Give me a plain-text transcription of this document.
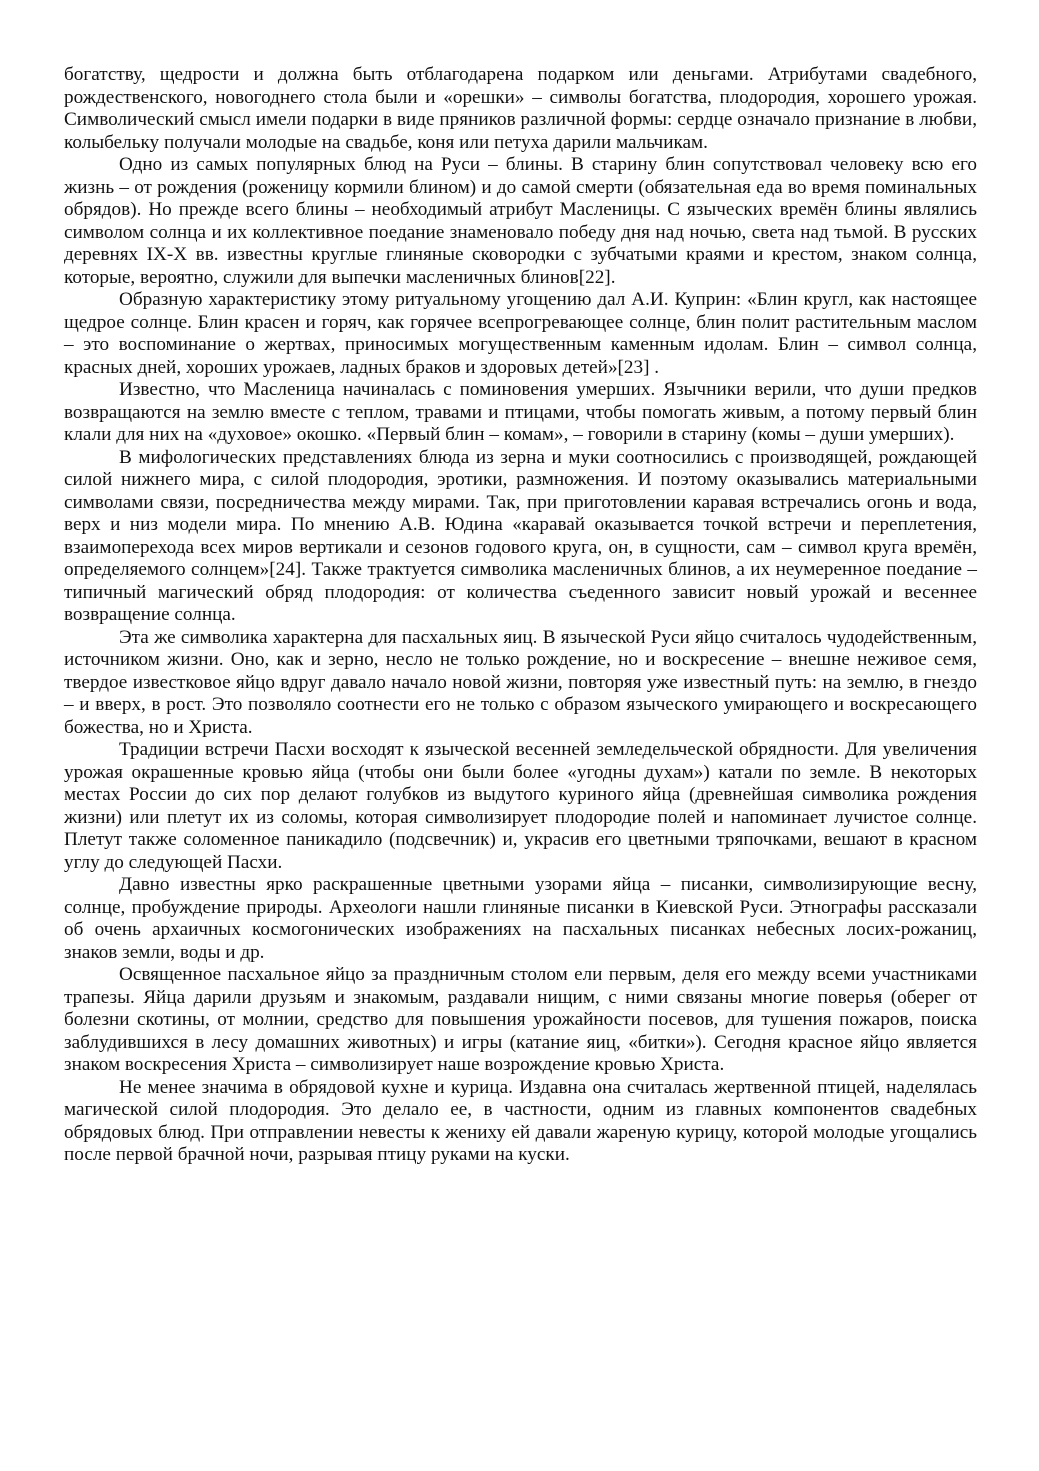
богатству, щедрости и должна быть отблагодарена подарком или деньгами. Атрибутами свадебного, рождественского, новогоднего стола были и «орешки» – символы богатства, плодородия, хорошего урожая. Символический смысл имели подарки в виде пряников различной формы: сердце означало признание в любви, колыбельку получали молодые на свадьбе, коня или петуха дарили мальчикам.

Одно из самых популярных блюд на Руси – блины. В старину блин сопутствовал человеку всю его жизнь – от рождения (роженицу кормили блином) и до самой смерти (обязательная еда во время поминальных обрядов). Но прежде всего блины – необходимый атрибут Масленицы. С языческих времён блины являлись символом солнца и их коллективное поедание знаменовало победу дня над ночью, света над тьмой. В русских деревнях IX-X вв. известны круглые глиняные сковородки с зубчатыми краями и крестом, знаком солнца, которые, вероятно, служили для выпечки масленичных блинов[22].

Образную характеристику этому ритуальному угощению дал А.И. Куприн: «Блин кругл, как настоящее щедрое солнце. Блин красен и горяч, как горячее всепрогревающее солнце, блин полит растительным маслом – это воспоминание о жертвах, приносимых могущественным каменным идолам. Блин – символ солнца, красных дней, хороших урожаев, ладных браков и здоровых детей»[23] .

Известно, что Масленица начиналась с поминовения умерших. Язычники верили, что души предков возвращаются на землю вместе с теплом, травами и птицами, чтобы помогать живым, а потому первый блин клали для них на «духовое» окошко. «Первый блин – комам», – говорили в старину (комы – души умерших).

В мифологических представлениях блюда из зерна и муки соотносились с производящей, рождающей силой нижнего мира, с силой плодородия, эротики, размножения. И поэтому оказывались материальными символами связи, посредничества между мирами. Так, при приготовлении каравая встречались огонь и вода, верх и низ модели мира. По мнению А.В. Юдина «каравай оказывается точкой встречи и переплетения, взаимоперехода всех миров вертикали и сезонов годового круга, он, в сущности, сам – символ круга времён, определяемого солнцем»[24]. Также трактуется символика масленичных блинов, а их неумеренное поедание – типичный магический обряд плодородия: от количества съеденного зависит новый урожай и весеннее возвращение солнца.

Эта же символика характерна для пасхальных яиц. В языческой Руси яйцо считалось чудодейственным, источником жизни. Оно, как и зерно, несло не только рождение, но и воскресение – внешне неживое семя, твердое известковое яйцо вдруг давало начало новой жизни, повторяя уже известный путь: на землю, в гнездо – и вверх, в рост. Это позволяло соотнести его не только с образом языческого умирающего и воскресающего божества, но и Христа.

Традиции встречи Пасхи восходят к языческой весенней земледельческой обрядности. Для увеличения урожая окрашенные кровью яйца (чтобы они были более «угодны духам») катали по земле. В некоторых местах России до сих пор делают голубков из выдутого куриного яйца (древнейшая символика рождения жизни) или плетут их из соломы, которая символизирует плодородие полей и напоминает лучистое солнце. Плетут также соломенное паникадило (подсвечник) и, украсив его цветными тряпочками, вешают в красном углу до следующей Пасхи.

Давно известны ярко раскрашенные цветными узорами яйца – писанки, символизирующие весну, солнце, пробуждение природы. Археологи нашли глиняные писанки в Киевской Руси. Этнографы рассказали об очень архаичных космогонических изображениях на пасхальных писанках небесных лосих-рожаниц, знаков земли, воды и др.

Освященное пасхальное яйцо за праздничным столом ели первым, деля его между всеми участниками трапезы. Яйца дарили друзьям и знакомым, раздавали нищим, с ними связаны многие поверья (оберег от болезни скотины, от молнии, средство для повышения урожайности посевов, для тушения пожаров, поиска заблудившихся в лесу домашних животных) и игры (катание яиц, «битки»). Сегодня красное яйцо является знаком воскресения Христа – символизирует наше возрождение кровью Христа.

Не менее значима в обрядовой кухне и курица. Издавна она считалась жертвенной птицей, наделялась магической силой плодородия. Это делало ее, в частности, одним из главных компонентов свадебных обрядовых блюд. При отправлении невесты к жениху ей давали жареную курицу, которой молодые угощались после первой брачной ночи, разрывая птицу руками на куски.
